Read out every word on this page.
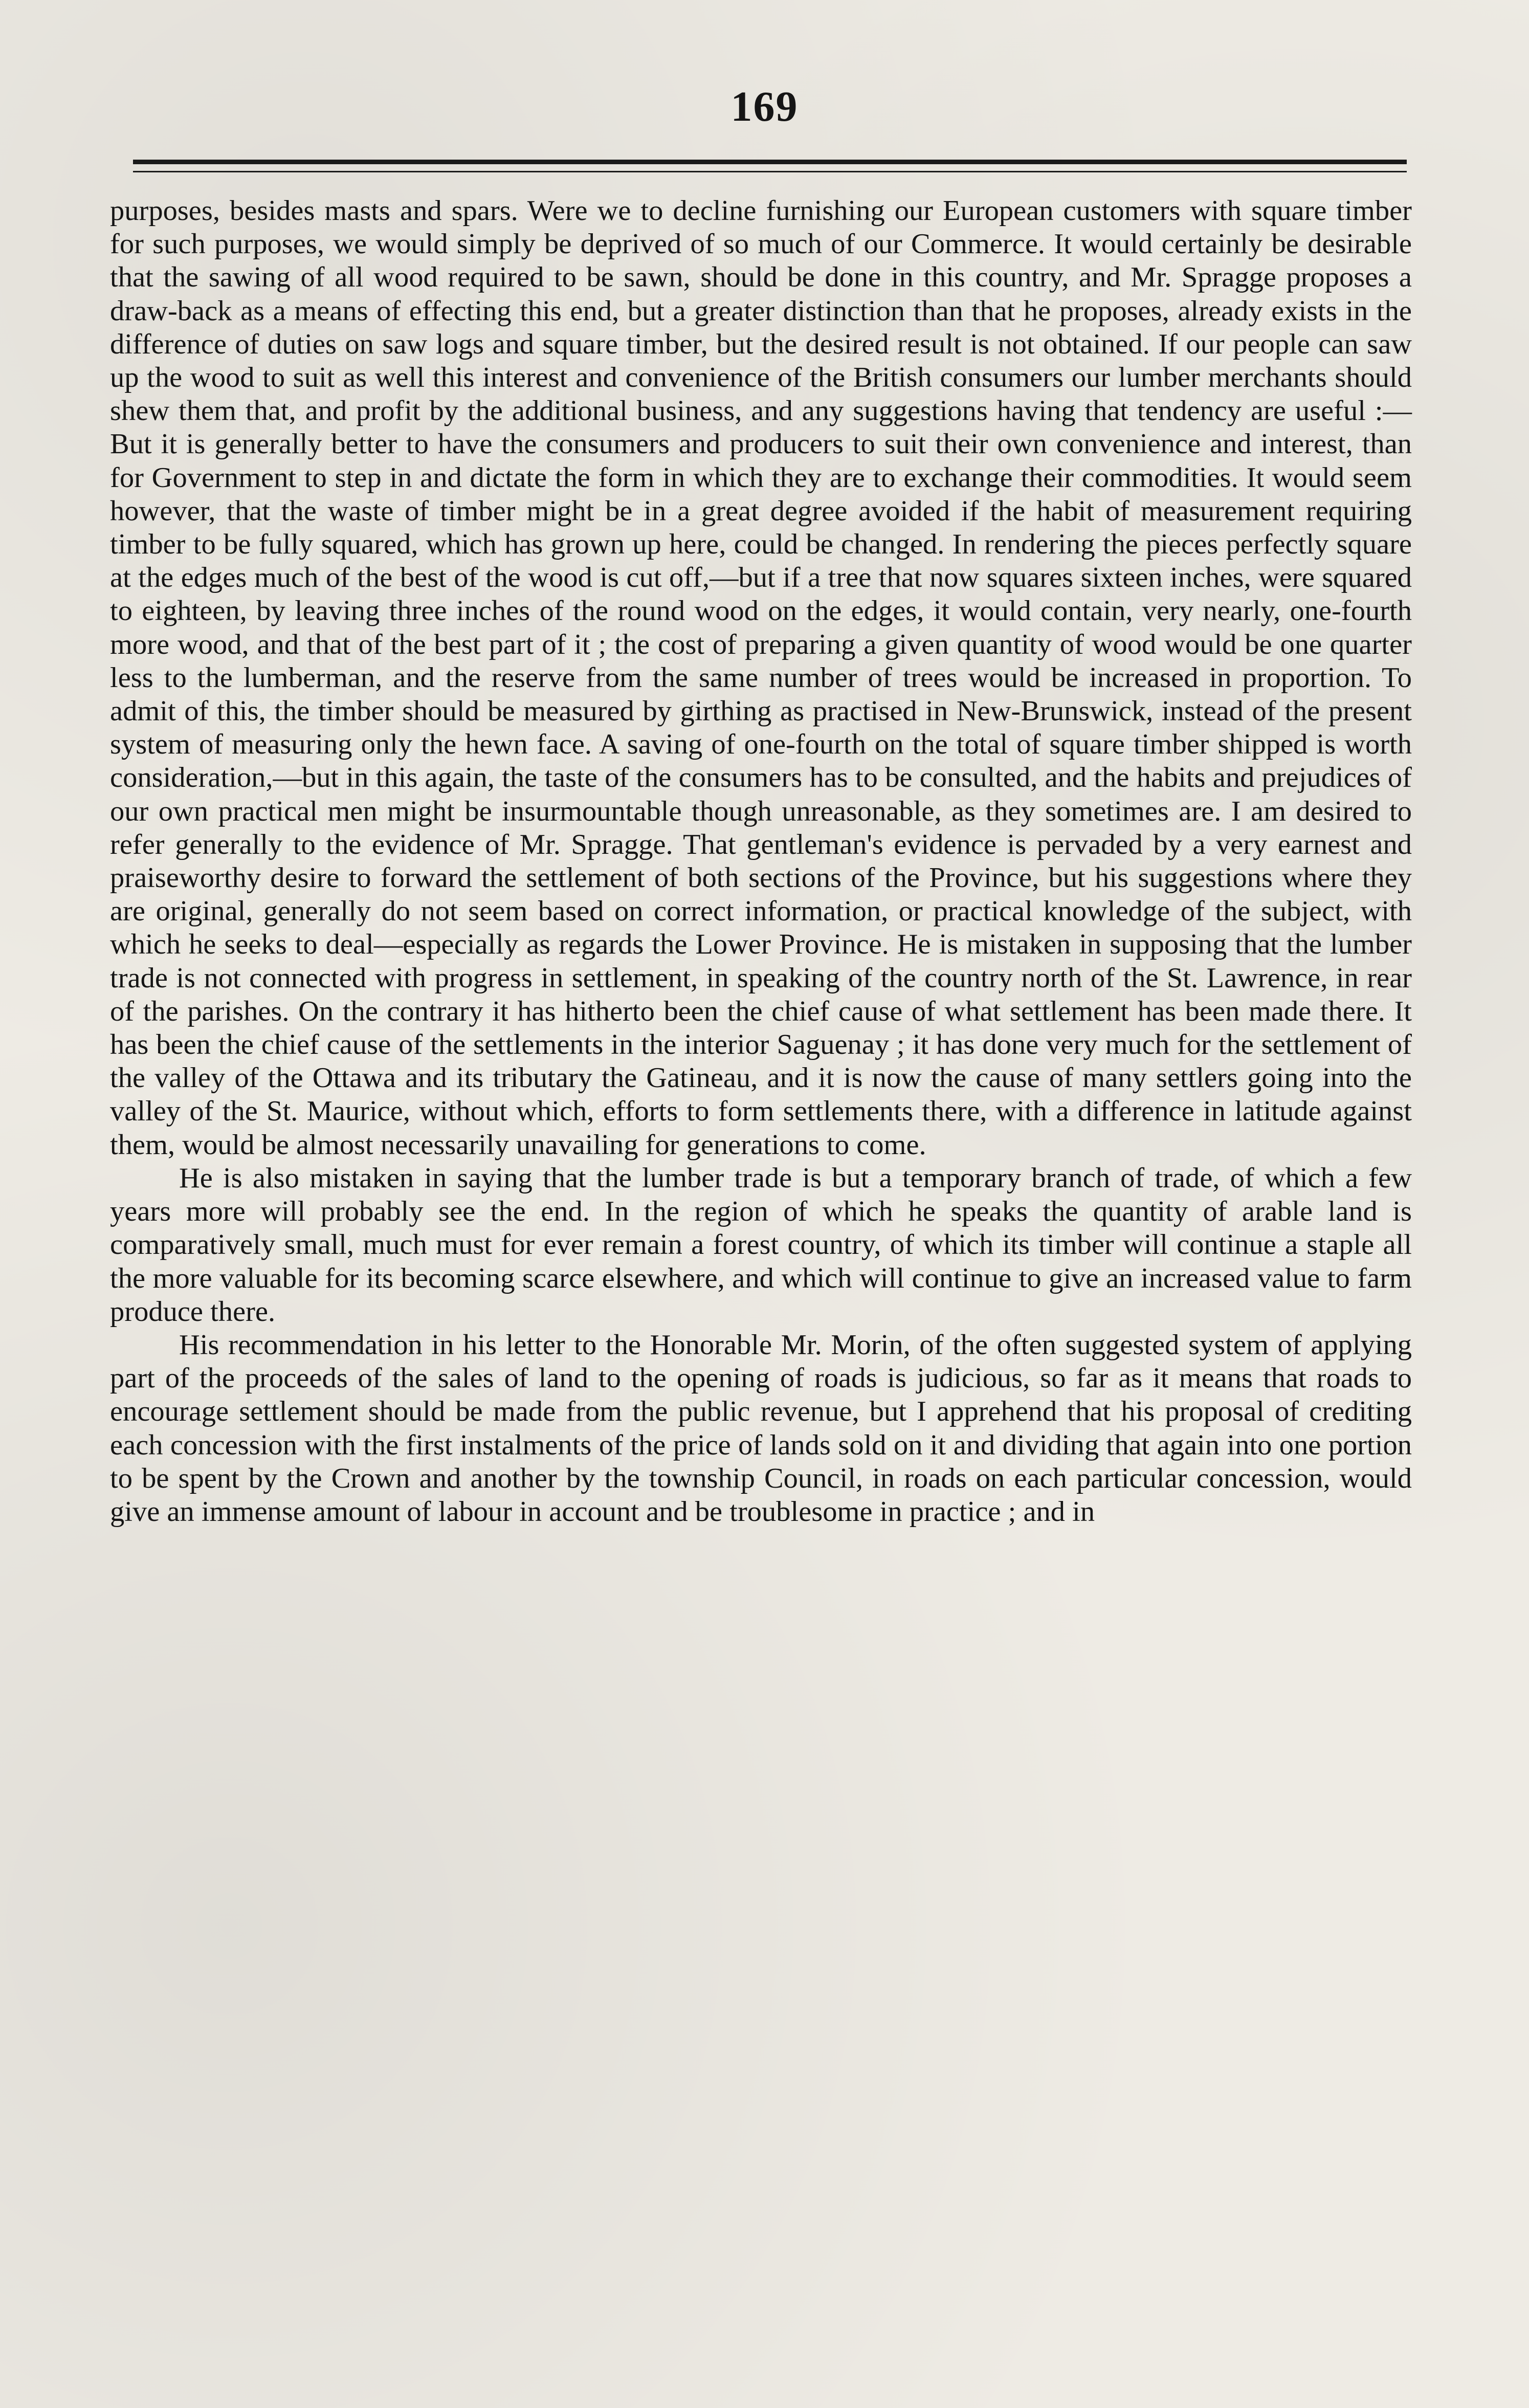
169

purposes, besides masts and spars. Were we to decline furnishing our European customers with square timber for such purposes, we would simply be deprived of so much of our Commerce. It would certainly be desirable that the sawing of all wood required to be sawn, should be done in this country, and Mr. Spragge proposes a draw-back as a means of effecting this end, but a greater distinction than that he proposes, already exists in the difference of duties on saw logs and square timber, but the desired result is not obtained. If our people can saw up the wood to suit as well this interest and convenience of the British consumers our lumber merchants should shew them that, and profit by the additional business, and any suggestions having that tendency are useful :—But it is generally better to have the consumers and producers to suit their own convenience and interest, than for Government to step in and dictate the form in which they are to exchange their commodities. It would seem however, that the waste of timber might be in a great degree avoided if the habit of measurement requiring timber to be fully squared, which has grown up here, could be changed. In rendering the pieces perfectly square at the edges much of the best of the wood is cut off,—but if a tree that now squares sixteen inches, were squared to eighteen, by leaving three inches of the round wood on the edges, it would contain, very nearly, one-fourth more wood, and that of the best part of it ; the cost of preparing a given quantity of wood would be one quarter less to the lumberman, and the reserve from the same number of trees would be increased in proportion. To admit of this, the timber should be measured by girthing as practised in New-Brunswick, instead of the present system of measuring only the hewn face. A saving of one-fourth on the total of square timber shipped is worth consideration,—but in this again, the taste of the consumers has to be consulted, and the habits and prejudices of our own practical men might be insurmountable though unreasonable, as they sometimes are. I am desired to refer generally to the evidence of Mr. Spragge. That gentleman's evidence is pervaded by a very earnest and praiseworthy desire to forward the settlement of both sections of the Province, but his suggestions where they are original, generally do not seem based on correct information, or practical knowledge of the subject, with which he seeks to deal—especially as regards the Lower Province. He is mistaken in supposing that the lumber trade is not connected with progress in settlement, in speaking of the country north of the St. Lawrence, in rear of the parishes. On the contrary it has hitherto been the chief cause of what settlement has been made there. It has been the chief cause of the settlements in the interior Saguenay ; it has done very much for the settlement of the valley of the Ottawa and its tributary the Gatineau, and it is now the cause of many settlers going into the valley of the St. Maurice, without which, efforts to form settlements there, with a difference in latitude against them, would be almost necessarily unavailing for generations to come.

He is also mistaken in saying that the lumber trade is but a temporary branch of trade, of which a few years more will probably see the end. In the region of which he speaks the quantity of arable land is comparatively small, much must for ever remain a forest country, of which its timber will continue a staple all the more valuable for its becoming scarce elsewhere, and which will continue to give an increased value to farm produce there.

His recommendation in his letter to the Honorable Mr. Morin, of the often suggested system of applying part of the proceeds of the sales of land to the opening of roads is judicious, so far as it means that roads to encourage settlement should be made from the public revenue, but I apprehend that his proposal of crediting each concession with the first instalments of the price of lands sold on it and dividing that again into one portion to be spent by the Crown and another by the township Council, in roads on each particular concession, would give an immense amount of labour in account and be troublesome in practice ; and in
